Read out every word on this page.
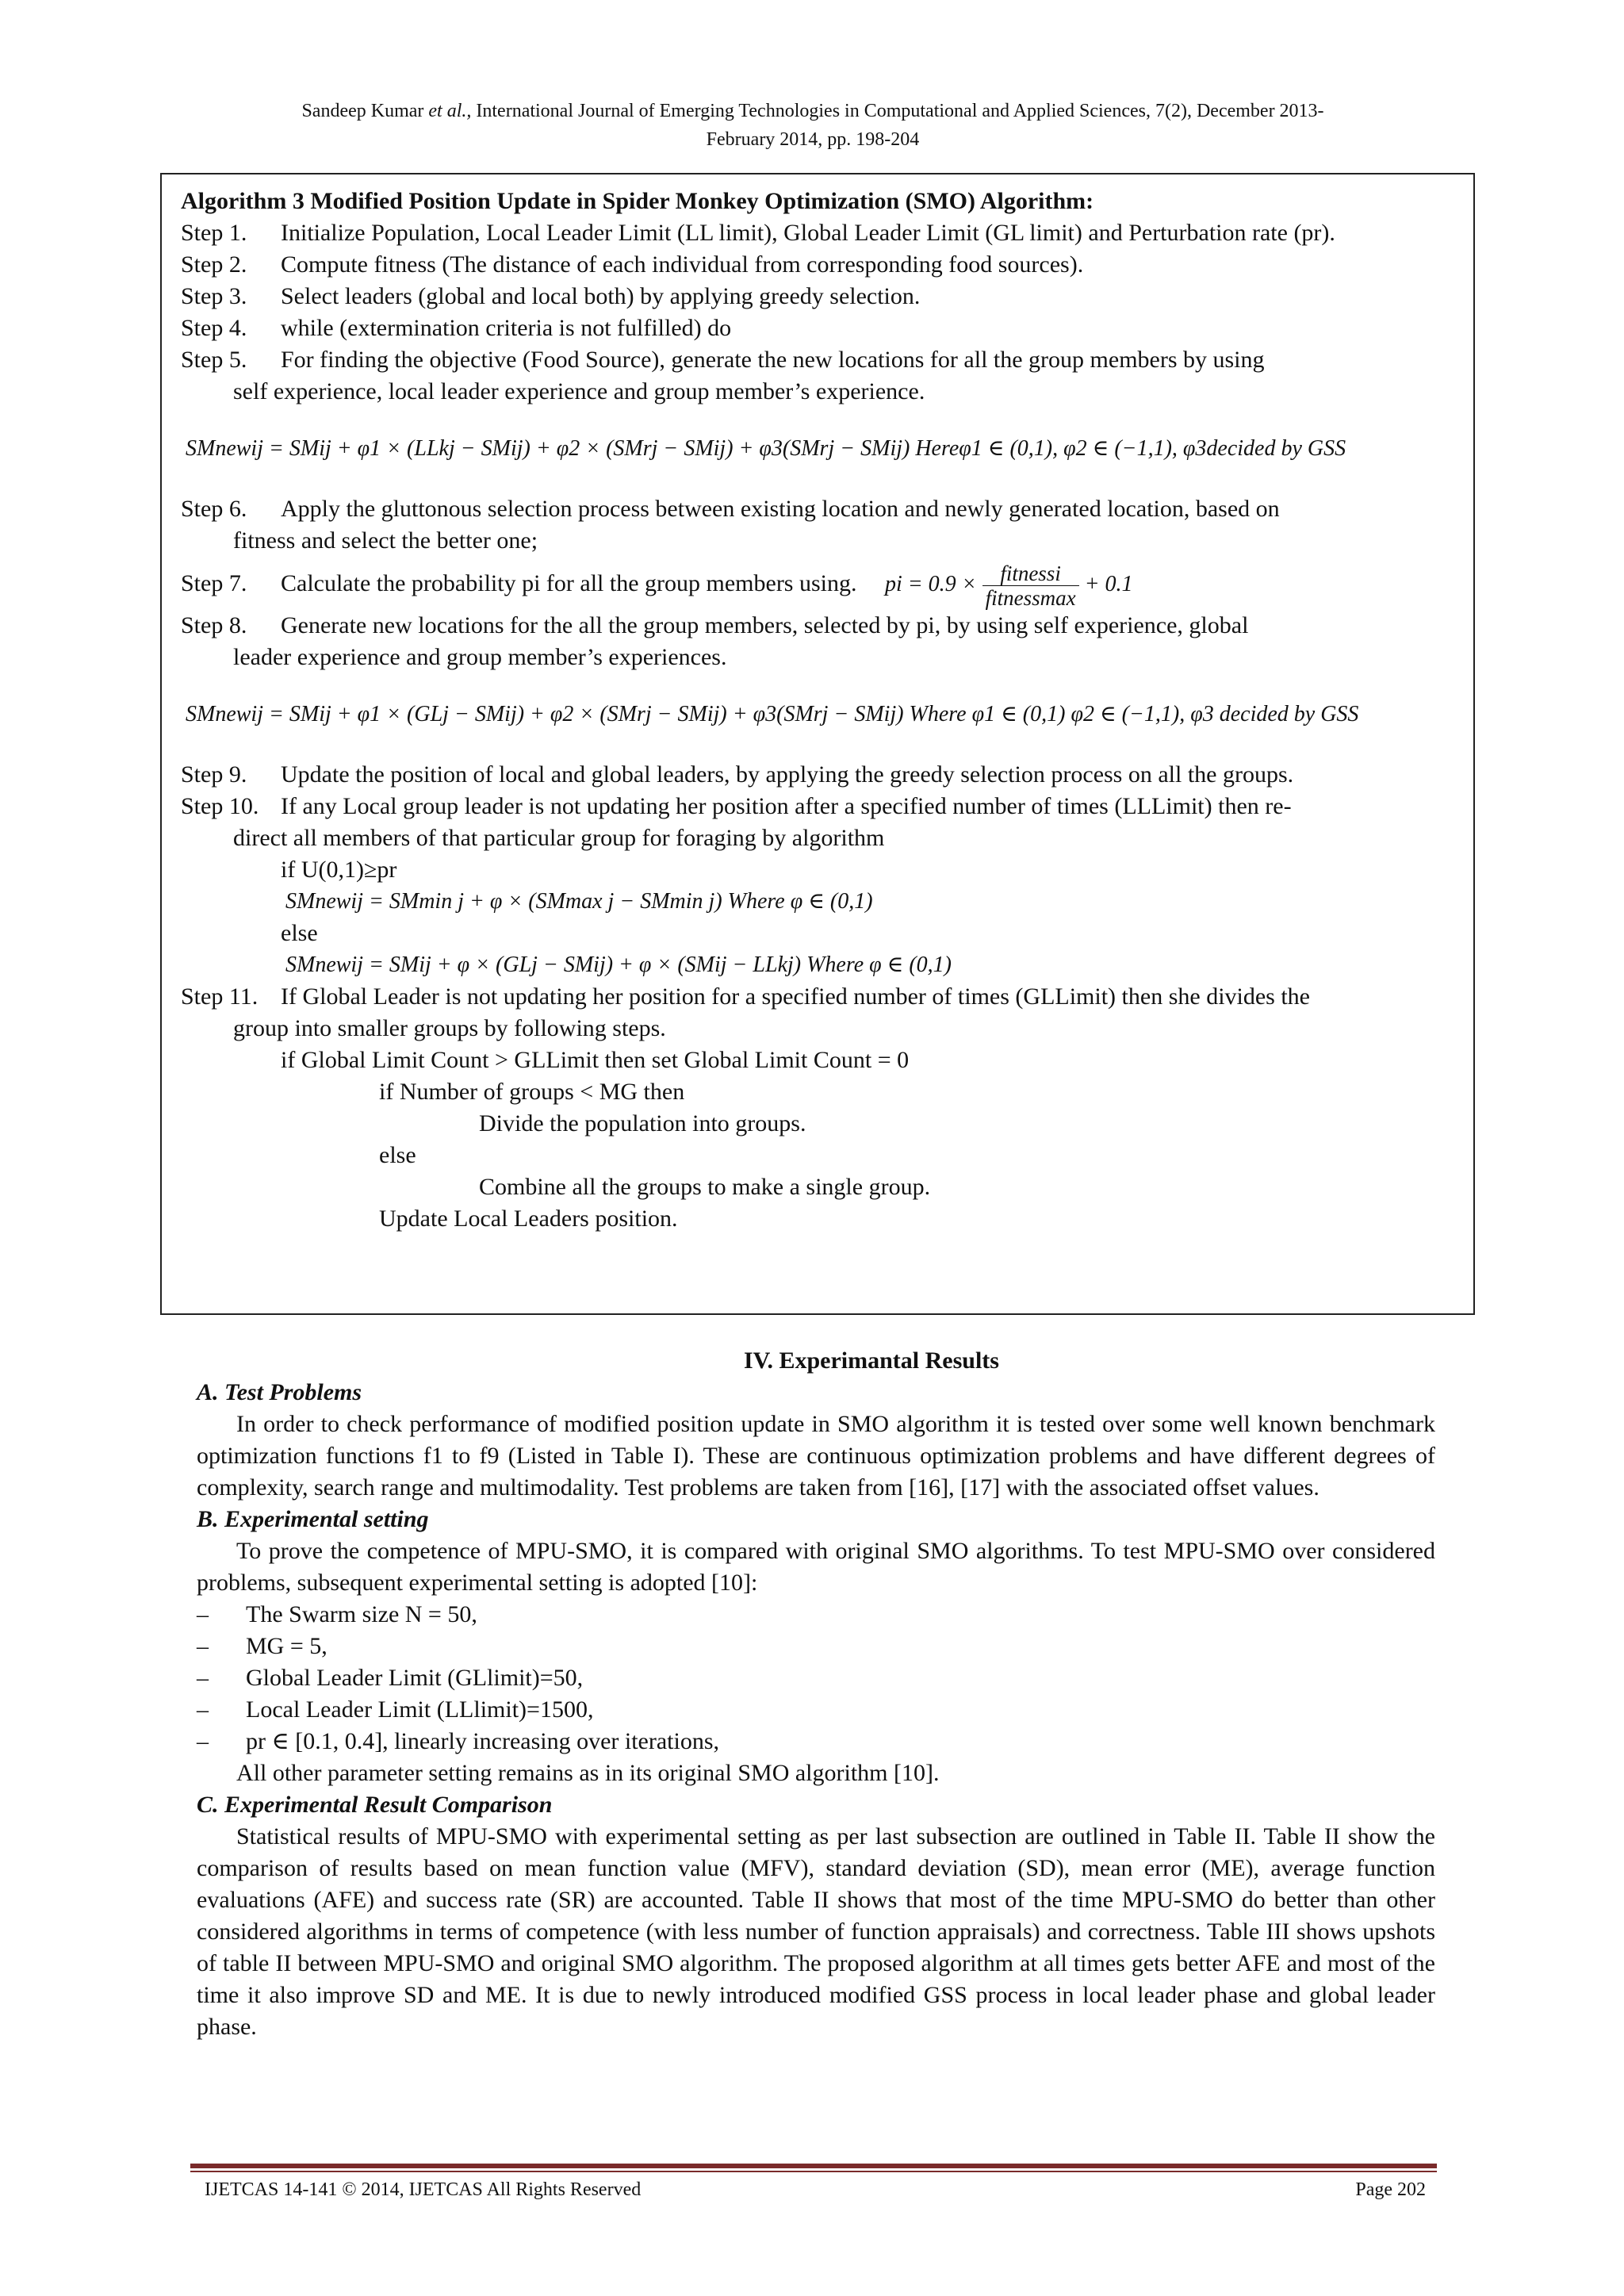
Sandeep Kumar et al., International Journal of Emerging Technologies in Computational and Applied Sciences, 7(2), December 2013-
February 2014, pp. 198-204
Algorithm 3 Modified Position Update in Spider Monkey Optimization (SMO) Algorithm:
Step 1. Initialize Population, Local Leader Limit (LL limit), Global Leader Limit (GL limit) and Perturbation rate (pr).
Step 2. Compute fitness (The distance of each individual from corresponding food sources).
Step 3. Select leaders (global and local both) by applying greedy selection.
Step 4. while (extermination criteria is not fulfilled) do
Step 5. For finding the objective (Food Source), generate the new locations for all the group members by using
self experience, local leader experience and group member’s experience.
SMnewij = SMij + φ1 × (LLkj − SMij) + φ2 × (SMrj − SMij) + φ3(SMrj − SMij) Hereφ1 ∈ (0,1), φ2 ∈ (−1,1), φ3decided by GSS
Step 6. Apply the gluttonous selection process between existing location and newly generated location, based on
fitness and select the better one;
Step 7. Calculate the probability pi for all the group members using. pi = $0.9 \times \frac{\text{fitnessi}}{\text{fitnessmax}} + 0.1$
Step 8. Generate new locations for the all the group members, selected by pi, by using self experience, global
leader experience and group member’s experiences.
SMnewij = SMij + φ1 × (GLj − SMij) + φ2 × (SMrj − SMij) + φ3(SMrj − SMij) Where φ1 ∈ (0,1) φ2 ∈ (−1,1), φ3 decided by GSS
Step 9. Update the position of local and global leaders, by applying the greedy selection process on all the groups.
Step 10. If any Local group leader is not updating her position after a specified number of times (LLLimit) then re-
direct all members of that particular group for foraging by algorithm
if U(0,1)≥pr
SMnewij = SMmin j + φ × (SMmax j − SMmin j) Where φ ∈ (0,1)
else
SMnewij = SMij + φ × (GLj − SMij) + φ × (SMij − LLkj) Where φ ∈ (0,1)
Step 11. If Global Leader is not updating her position for a specified number of times (GLLimit) then she divides the
group into smaller groups by following steps.
if Global Limit Count > GLLimit then set Global Limit Count = 0
if Number of groups < MG then
Divide the population into groups.
else
Combine all the groups to make a single group.
Update Local Leaders position.
IV. Experimantal Results
A. Test Problems
In order to check performance of modified position update in SMO algorithm it is tested over some well known benchmark optimization functions f1 to f9 (Listed in Table I). These are continuous optimization problems and have different degrees of complexity, search range and multimodality. Test problems are taken from [16], [17] with the associated offset values.
B. Experimental setting
To prove the competence of MPU-SMO, it is compared with original SMO algorithms. To test MPU-SMO over considered problems, subsequent experimental setting is adopted [10]:
– The Swarm size N = 50,
– MG = 5,
– Global Leader Limit (GLlimit)=50,
– Local Leader Limit (LLlimit)=1500,
– pr ∈ [0.1, 0.4], linearly increasing over iterations,
All other parameter setting remains as in its original SMO algorithm [10].
C. Experimental Result Comparison
Statistical results of MPU-SMO with experimental setting as per last subsection are outlined in Table II. Table II show the comparison of results based on mean function value (MFV), standard deviation (SD), mean error (ME), average function evaluations (AFE) and success rate (SR) are accounted. Table II shows that most of the time MPU-SMO do better than other considered algorithms in terms of competence (with less number of function appraisals) and correctness. Table III shows upshots of table II between MPU-SMO and original SMO algorithm. The proposed algorithm at all times gets better AFE and most of the time it also improve SD and ME. It is due to newly introduced modified GSS process in local leader phase and global leader phase.
IJETCAS 14-141 © 2014, IJETCAS All Rights Reserved	Page 202
